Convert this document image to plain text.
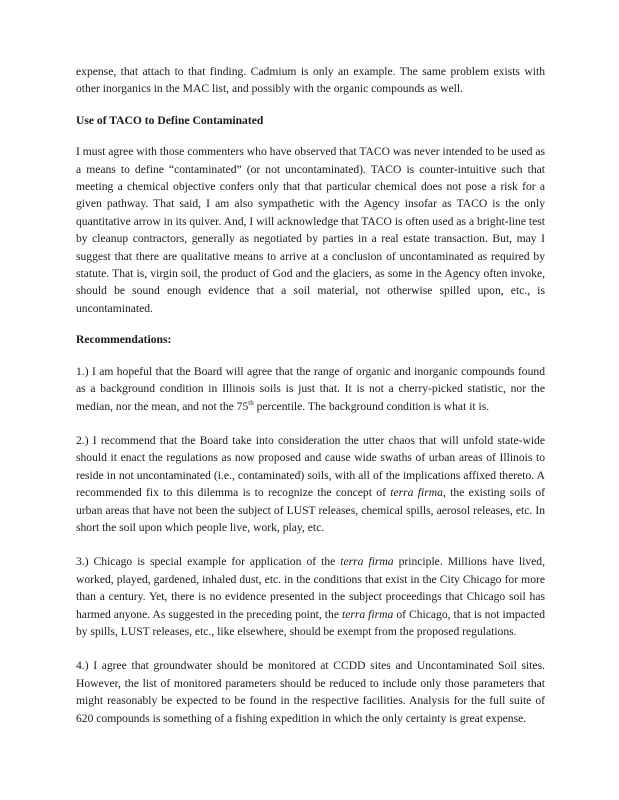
expense, that attach to that finding. Cadmium is only an example. The same problem exists with other inorganics in the MAC list, and possibly with the organic compounds as well.

Use of TACO to Define Contaminated

I must agree with those commenters who have observed that TACO was never intended to be used as a means to define “contaminated” (or not uncontaminated). TACO is counter-intuitive such that meeting a chemical objective confers only that that particular chemical does not pose a risk for a given pathway. That said, I am also sympathetic with the Agency insofar as TACO is the only quantitative arrow in its quiver. And, I will acknowledge that TACO is often used as a bright-line test by cleanup contractors, generally as negotiated by parties in a real estate transaction. But, may I suggest that there are qualitative means to arrive at a conclusion of uncontaminated as required by statute. That is, virgin soil, the product of God and the glaciers, as some in the Agency often invoke, should be sound enough evidence that a soil material, not otherwise spilled upon, etc., is uncontaminated.

Recommendations:

1.) I am hopeful that the Board will agree that the range of organic and inorganic compounds found as a background condition in Illinois soils is just that. It is not a cherry-picked statistic, nor the median, nor the mean, and not the 75th percentile. The background condition is what it is.

2.) I recommend that the Board take into consideration the utter chaos that will unfold state-wide should it enact the regulations as now proposed and cause wide swaths of urban areas of Illinois to reside in not uncontaminated (i.e., contaminated) soils, with all of the implications affixed thereto. A recommended fix to this dilemma is to recognize the concept of terra firma, the existing soils of urban areas that have not been the subject of LUST releases, chemical spills, aerosol releases, etc. In short the soil upon which people live, work, play, etc.

3.) Chicago is special example for application of the terra firma principle. Millions have lived, worked, played, gardened, inhaled dust, etc. in the conditions that exist in the City Chicago for more than a century. Yet, there is no evidence presented in the subject proceedings that Chicago soil has harmed anyone. As suggested in the preceding point, the terra firma of Chicago, that is not impacted by spills, LUST releases, etc., like elsewhere, should be exempt from the proposed regulations.

4.) I agree that groundwater should be monitored at CCDD sites and Uncontaminated Soil sites. However, the list of monitored parameters should be reduced to include only those parameters that might reasonably be expected to be found in the respective facilities. Analysis for the full suite of 620 compounds is something of a fishing expedition in which the only certainty is great expense.
